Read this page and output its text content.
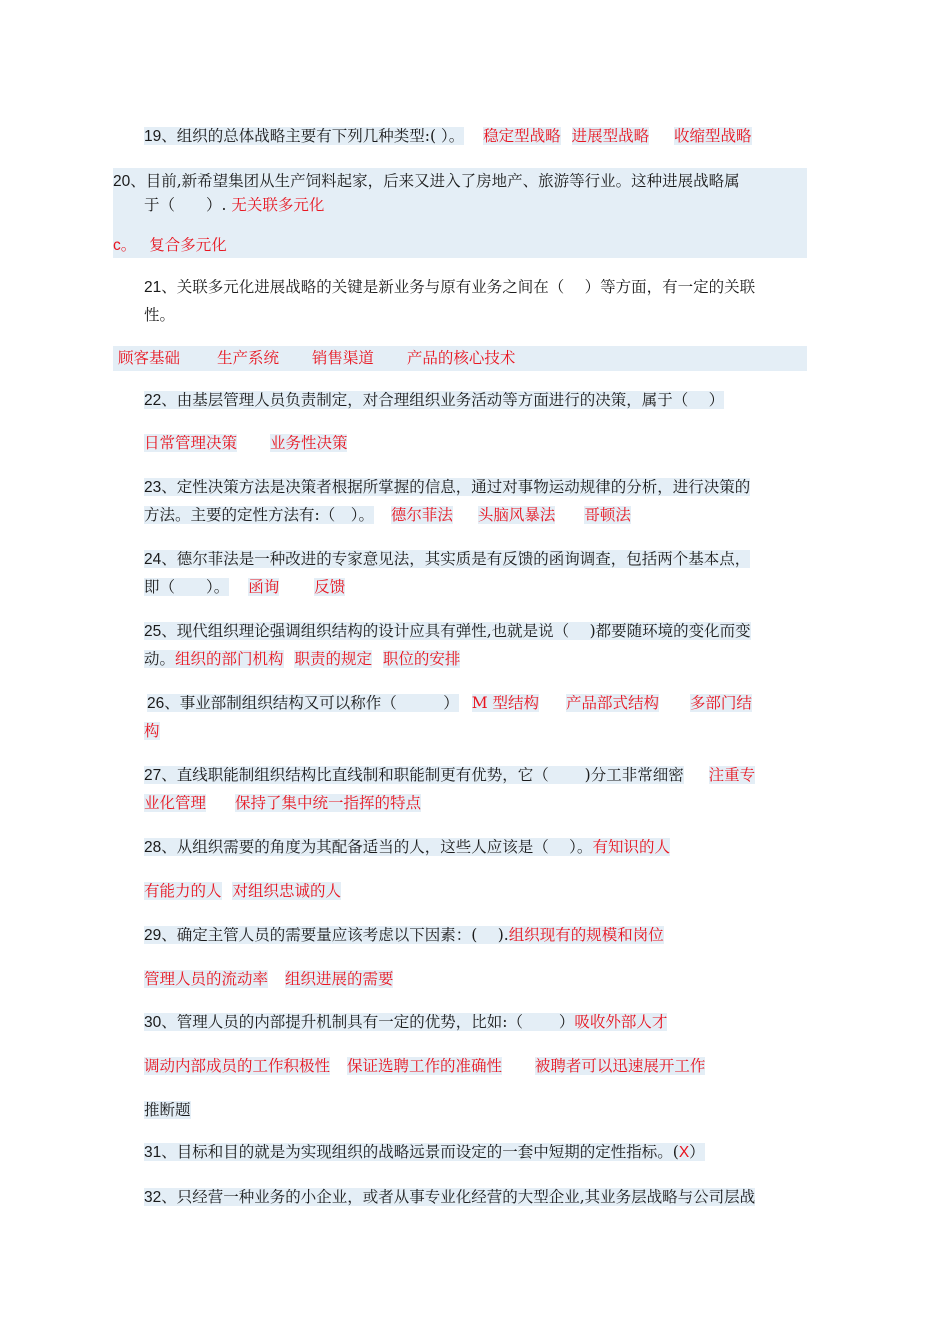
19、组织的总体战略主要有下列几种类型:( ）。 稳定型战略 进展型战略 收缩型战略
20、目前,新希望集团从生产饲料起家，后来又进入了房地产、旅游等行业。这种进展战略属
于（　　）. 无关联多元化
c。 复合多元化
21、关联多元化进展战略的关键是新业务与原有业务之间在（　 ）等方面，有一定的关联
性。
顾客基础 生产系统 销售渠道 产品的核心技术
22、由基层管理人员负责制定，对合理组织业务活动等方面进行的决策，属于（　 ）
日常管理决策 业务性决策
23、定性决策方法是决策者根据所掌握的信息，通过对事物运动规律的分析，进行决策的
方法。主要的定性方法有:（　）。 德尔菲法 头脑风暴法 哥顿法
24、德尔菲法是一种改进的专家意见法，其实质是有反馈的函询调查，包括两个基本点，
即（　　）。 函询 反馈
25、现代组织理论强调组织结构的设计应具有弹性,也就是说（　 )都要随环境的变化而变
动。组织的部门机构 职责的规定 职位的安排
26、事业部制组织结构又可以称作（　　　） M 型结构 产品部式结构 多部门结
构
27、直线职能制组织结构比直线制和职能制更有优势，它（　　 )分工非常细密 注重专
业化管理 保持了集中统一指挥的特点
28、从组织需要的角度为其配备适当的人，这些人应该是（　 ）。有知识的人
有能力的人 对组织忠诚的人
29、确定主管人员的需要量应该考虑以下因素：(　 ).组织现有的规模和岗位
管理人员的流动率 组织进展的需要
30、管理人员的内部提升机制具有一定的优势，比如:（　　 ）吸收外部人才
调动内部成员的工作积极性 保证选聘工作的准确性 被聘者可以迅速展开工作
推断题
31、目标和目的就是为实现组织的战略远景而设定的一套中短期的定性指标。(X）
32、只经营一种业务的小企业，或者从事专业化经营的大型企业,其业务层战略与公司层战
